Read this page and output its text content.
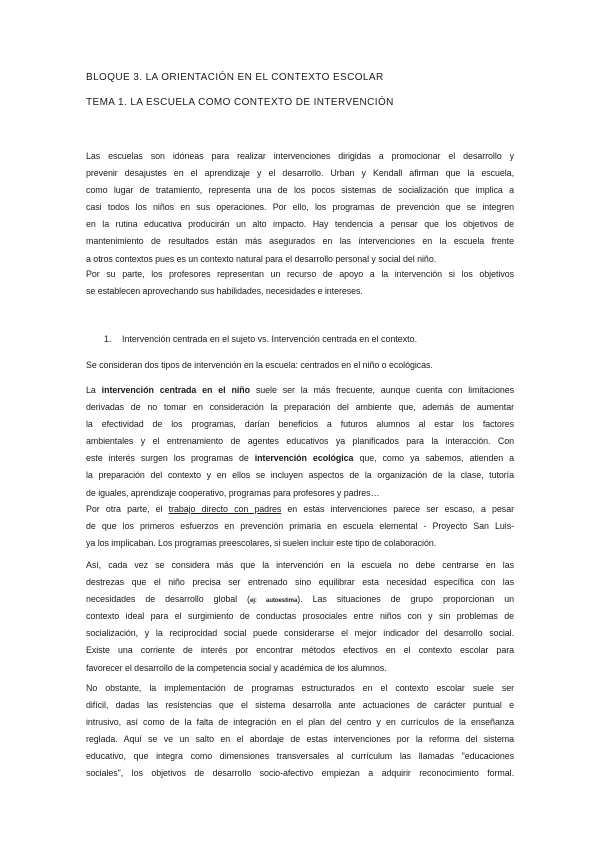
BLOQUE 3. LA ORIENTACIÓN EN EL CONTEXTO ESCOLAR
TEMA 1. LA ESCUELA COMO CONTEXTO DE INTERVENCIÓN
Las escuelas son idóneas para realizar intervenciones dirigidas a promocionar el desarrollo y
prevenir desajustes en el aprendizaje y el desarrollo. Urban y Kendall afirman que la escuela,
como lugar de tratamiento, representa una de los pocos sistemas de socialización que implica a
casi todos los niños en sus operaciones. Por ello, los programas de prevención que se integren
en la rutina educativa producirán un alto impacto. Hay tendencia a pensar que los objetivos de
mantenimiento de resultados están más asegurados en las intervenciones en la escuela frente
a otros contextos pues es un contexto natural para el desarrollo personal y social del niño.
Por su parte, los profesores representan un recurso de apoyo a la intervención si los objetivos
se establecen aprovechando sus habilidades, necesidades e intereses.
1. Intervención centrada en el sujeto vs. Intervención centrada en el contexto.
Se consideran dos tipos de intervención en la escuela: centrados en el niño o ecológicas.
La intervención centrada en el niño suele ser la más frecuente, aunque cuenta con limitaciones
derivadas de no tomar en consideración la preparación del ambiente que, además de aumentar
la efectividad de los programas, darían beneficios a futuros alumnos al estar los factores
ambientales y el entrenamiento de agentes educativos ya planificados para la interacción. Con
este interés surgen los programas de intervención ecológica que, como ya sabemos, atienden a
la preparación del contexto y en ellos se incluyen aspectos de la organización de la clase, tutoría
de iguales, aprendizaje cooperativo, programas para profesores y padres…
Por otra parte, el trabajo directo con padres en estas intervenciones parece ser escaso, a pesar
de que los primeros esfuerzos en prevención primaria en escuela elemental - Proyecto San Luis-
ya los implicaban. Los programas preescolares, si suelen incluir este tipo de colaboración.
Así, cada vez se considera más que la intervención en la escuela no debe centrarse en las
destrezas que el niño precisa ser entrenado sino equilibrar esta necesidad específica con las
necesidades de desarrollo global (ej: autoestima). Las situaciones de grupo proporcionan un
contexto ideal para el surgimiento de conductas prosociales entre niños con y sin problemas de
socialización, y la reciprocidad social puede considerarse el mejor indicador del desarrollo social.
Existe una corriente de interés por encontrar métodos efectivos en el contexto escolar para
favorecer el desarrollo de la competencia social y académica de los alumnos.
No obstante, la implementación de programas estructurados en el contexto escolar suele ser
difícil, dadas las resistencias que el sistema desarrolla ante actuaciones de carácter puntual e
intrusivo, así como de la falta de integración en el plan del centro y en currículos de la enseñanza
reglada. Aquí se ve un salto en el abordaje de estas intervenciones por la reforma del sistema
educativo, que integra como dimensiones transversales al currículum las llamadas "educaciones
sociales", los objetivos de desarrollo socio-afectivo empiezan a adquirir reconocimiento formal.
